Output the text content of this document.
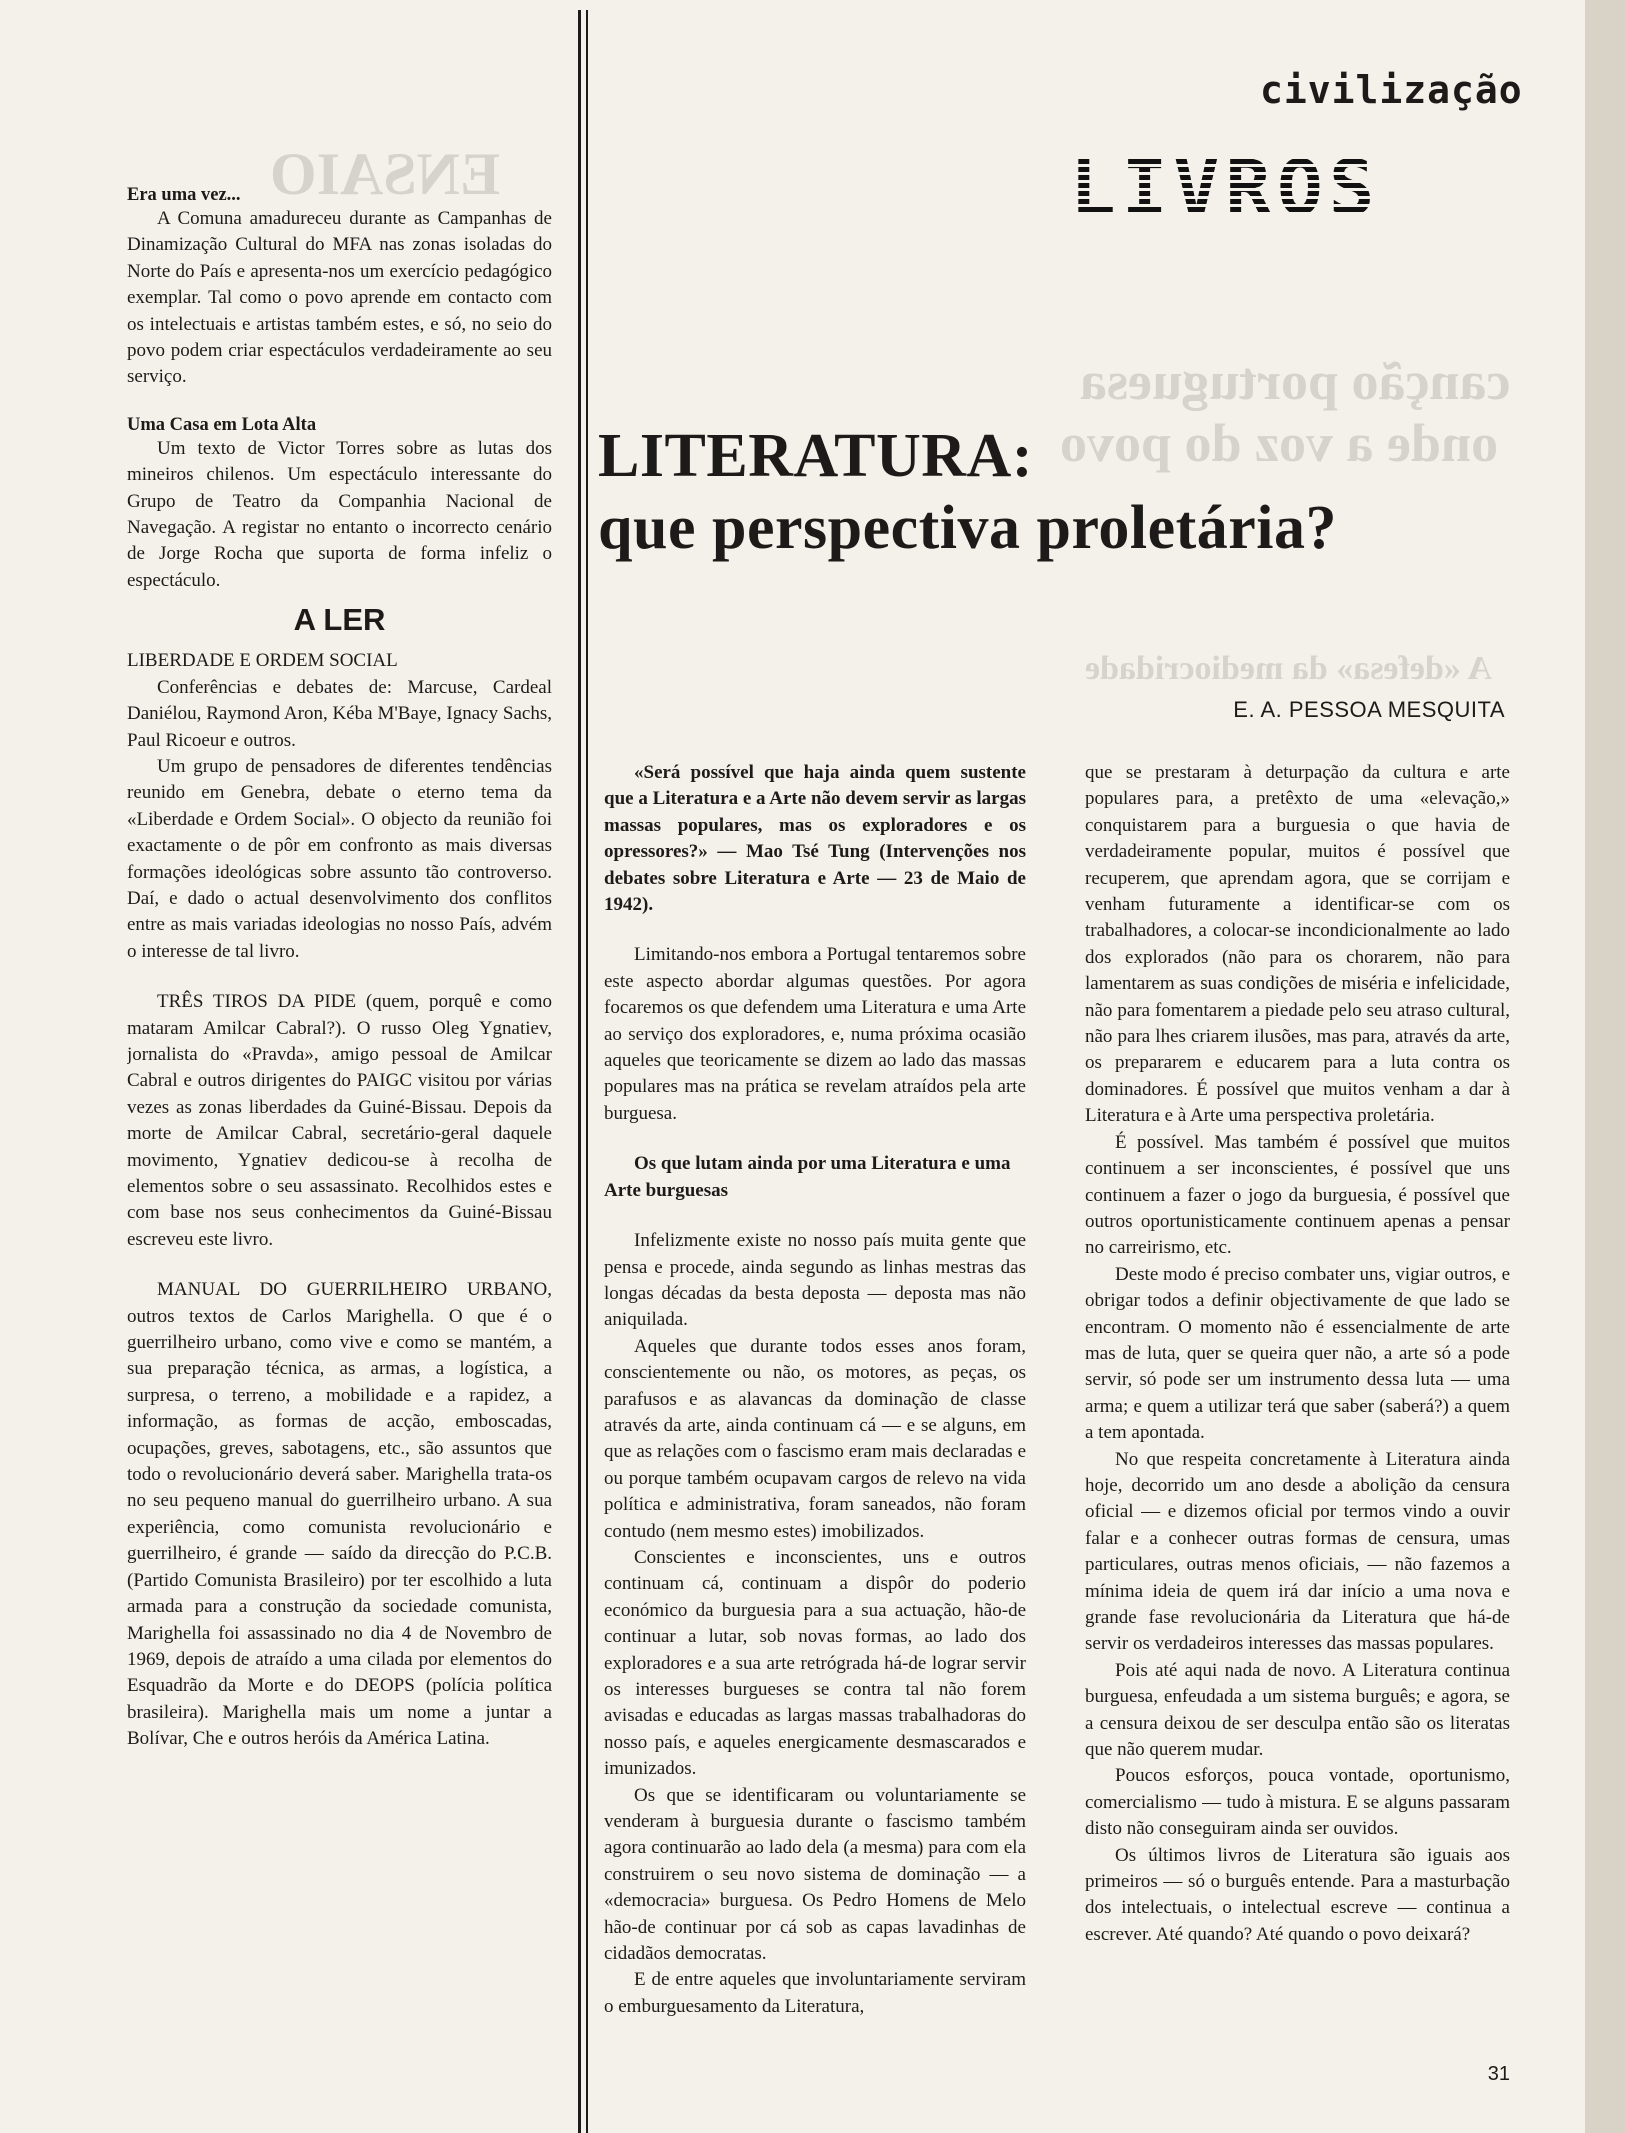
canção portuguesa
onde a voz do povo
A «defesa» da mediocridade
ENSAIO
civilização
LIVROS
LITERATURA:
que perspectiva proletária?
E. A. PESSOA MESQUITA

Era uma vez...

A Comuna amadureceu durante as Campanhas de Dinamização Cultural do MFA nas zonas isoladas do Norte do País e apresenta-nos um exercício pedagógico exemplar. Tal como o povo aprende em contacto com os intelectuais e artistas também estes, e só, no seio do povo podem criar espectáculos verdadeiramente ao seu serviço.

Uma Casa em Lota Alta

Um texto de Victor Torres sobre as lutas dos mineiros chilenos. Um espectáculo interessante do Grupo de Teatro da Companhia Nacional de Navegação. A registar no entanto o incorrecto cenário de Jorge Rocha que suporta de forma infeliz o espectáculo.

A LER

LIBERDADE E ORDEM SOCIAL

Conferências e debates de: Marcuse, Cardeal Daniélou, Raymond Aron, Kéba M'Baye, Ignacy Sachs, Paul Ricoeur e outros.

Um grupo de pensadores de diferentes tendências reunido em Genebra, debate o eterno tema da «Liberdade e Ordem Social». O objecto da reunião foi exactamente o de pôr em confronto as mais diversas formações ideológicas sobre assunto tão controverso. Daí, e dado o actual desenvolvimento dos conflitos entre as mais variadas ideologias no nosso País, advém o interesse de tal livro.

TRÊS TIROS DA PIDE (quem, porquê e como mataram Amilcar Cabral?). O russo Oleg Ygnatiev, jornalista do «Pravda», amigo pessoal de Amilcar Cabral e outros dirigentes do PAIGC visitou por várias vezes as zonas liberdades da Guiné-Bissau. Depois da morte de Amilcar Cabral, secretário-geral daquele movimento, Ygnatiev dedicou-se à recolha de elementos sobre o seu assassinato. Recolhidos estes e com base nos seus conhecimentos da Guiné-Bissau escreveu este livro.

MANUAL DO GUERRILHEIRO URBANO, outros textos de Carlos Marighella. O que é o guerrilheiro urbano, como vive e como se mantém, a sua preparação técnica, as armas, a logística, a surpresa, o terreno, a mobilidade e a rapidez, a informação, as formas de acção, emboscadas, ocupações, greves, sabotagens, etc., são assuntos que todo o revolucionário deverá saber. Marighella trata-os no seu pequeno manual do guerrilheiro urbano. A sua experiência, como comunista revolucionário e guerrilheiro, é grande — saído da direcção do P.C.B. (Partido Comunista Brasileiro) por ter escolhido a luta armada para a construção da sociedade comunista, Marighella foi assassinado no dia 4 de Novembro de 1969, depois de atraído a uma cilada por elementos do Esquadrão da Morte e do DEOPS (polícia política brasileira). Marighella mais um nome a juntar a Bolívar, Che e outros heróis da América Latina.

«Será possível que haja ainda quem sustente que a Literatura e a Arte não devem servir as largas massas populares, mas os exploradores e os opressores?» — Mao Tsé Tung (Intervenções nos debates sobre Literatura e Arte — 23 de Maio de 1942).

Limitando-nos embora a Portugal tentaremos sobre este aspecto abordar algumas questões. Por agora focaremos os que defendem uma Literatura e uma Arte ao serviço dos exploradores, e, numa próxima ocasião aqueles que teoricamente se dizem ao lado das massas populares mas na prática se revelam atraídos pela arte burguesa.

Os que lutam ainda por uma Literatura e uma Arte burguesas

Infelizmente existe no nosso país muita gente que pensa e procede, ainda segundo as linhas mestras das longas décadas da besta deposta — deposta mas não aniquilada.

Aqueles que durante todos esses anos foram, conscientemente ou não, os motores, as peças, os parafusos e as alavancas da dominação de classe através da arte, ainda continuam cá — e se alguns, em que as relações com o fascismo eram mais declaradas e ou porque também ocupavam cargos de relevo na vida política e administrativa, foram saneados, não foram contudo (nem mesmo estes) imobilizados.

Conscientes e inconscientes, uns e outros continuam cá, continuam a dispôr do poderio económico da burguesia para a sua actuação, hão-de continuar a lutar, sob novas formas, ao lado dos exploradores e a sua arte retrógrada há-de lograr servir os interesses burgueses se contra tal não forem avisadas e educadas as largas massas trabalhadoras do nosso país, e aqueles energicamente desmascarados e imunizados.

Os que se identificaram ou voluntariamente se venderam à burguesia durante o fascismo também agora continuarão ao lado dela (a mesma) para com ela construirem o seu novo sistema de dominação — a «democracia» burguesa. Os Pedro Homens de Melo hão-de continuar por cá sob as capas lavadinhas de cidadãos democratas.

E de entre aqueles que involuntariamente serviram o emburguesamento da Literatura,

que se prestaram à deturpação da cultura e arte populares para, a pretêxto de uma «elevação,» conquistarem para a burguesia o que havia de verdadeiramente popular, muitos é possível que recuperem, que aprendam agora, que se corrijam e venham futuramente a identificar-se com os trabalhadores, a colocar-se incondicionalmente ao lado dos explorados (não para os chorarem, não para lamentarem as suas condições de miséria e infelicidade, não para fomentarem a piedade pelo seu atraso cultural, não para lhes criarem ilusões, mas para, através da arte, os prepararem e educarem para a luta contra os dominadores. É possível que muitos venham a dar à Literatura e à Arte uma perspectiva proletária.

É possível. Mas também é possível que muitos continuem a ser inconscientes, é possível que uns continuem a fazer o jogo da burguesia, é possível que outros oportunisticamente continuem apenas a pensar no carreirismo, etc.

Deste modo é preciso combater uns, vigiar outros, e obrigar todos a definir objectivamente de que lado se encontram. O momento não é essencialmente de arte mas de luta, quer se queira quer não, a arte só a pode servir, só pode ser um instrumento dessa luta — uma arma; e quem a utilizar terá que saber (saberá?) a quem a tem apontada.

No que respeita concretamente à Literatura ainda hoje, decorrido um ano desde a abolição da censura oficial — e dizemos oficial por termos vindo a ouvir falar e a conhecer outras formas de censura, umas particulares, outras menos oficiais, — não fazemos a mínima ideia de quem irá dar início a uma nova e grande fase revolucionária da Literatura que há-de servir os verdadeiros interesses das massas populares.

Pois até aqui nada de novo. A Literatura continua burguesa, enfeudada a um sistema burguês; e agora, se a censura deixou de ser desculpa então são os literatas que não querem mudar.

Poucos esforços, pouca vontade, oportunismo, comercialismo — tudo à mistura. E se alguns passaram disto não conseguiram ainda ser ouvidos.

Os últimos livros de Literatura são iguais aos primeiros — só o burguês entende. Para a masturbação dos intelectuais, o intelectual escreve — continua a escrever. Até quando? Até quando o povo deixará?

31
